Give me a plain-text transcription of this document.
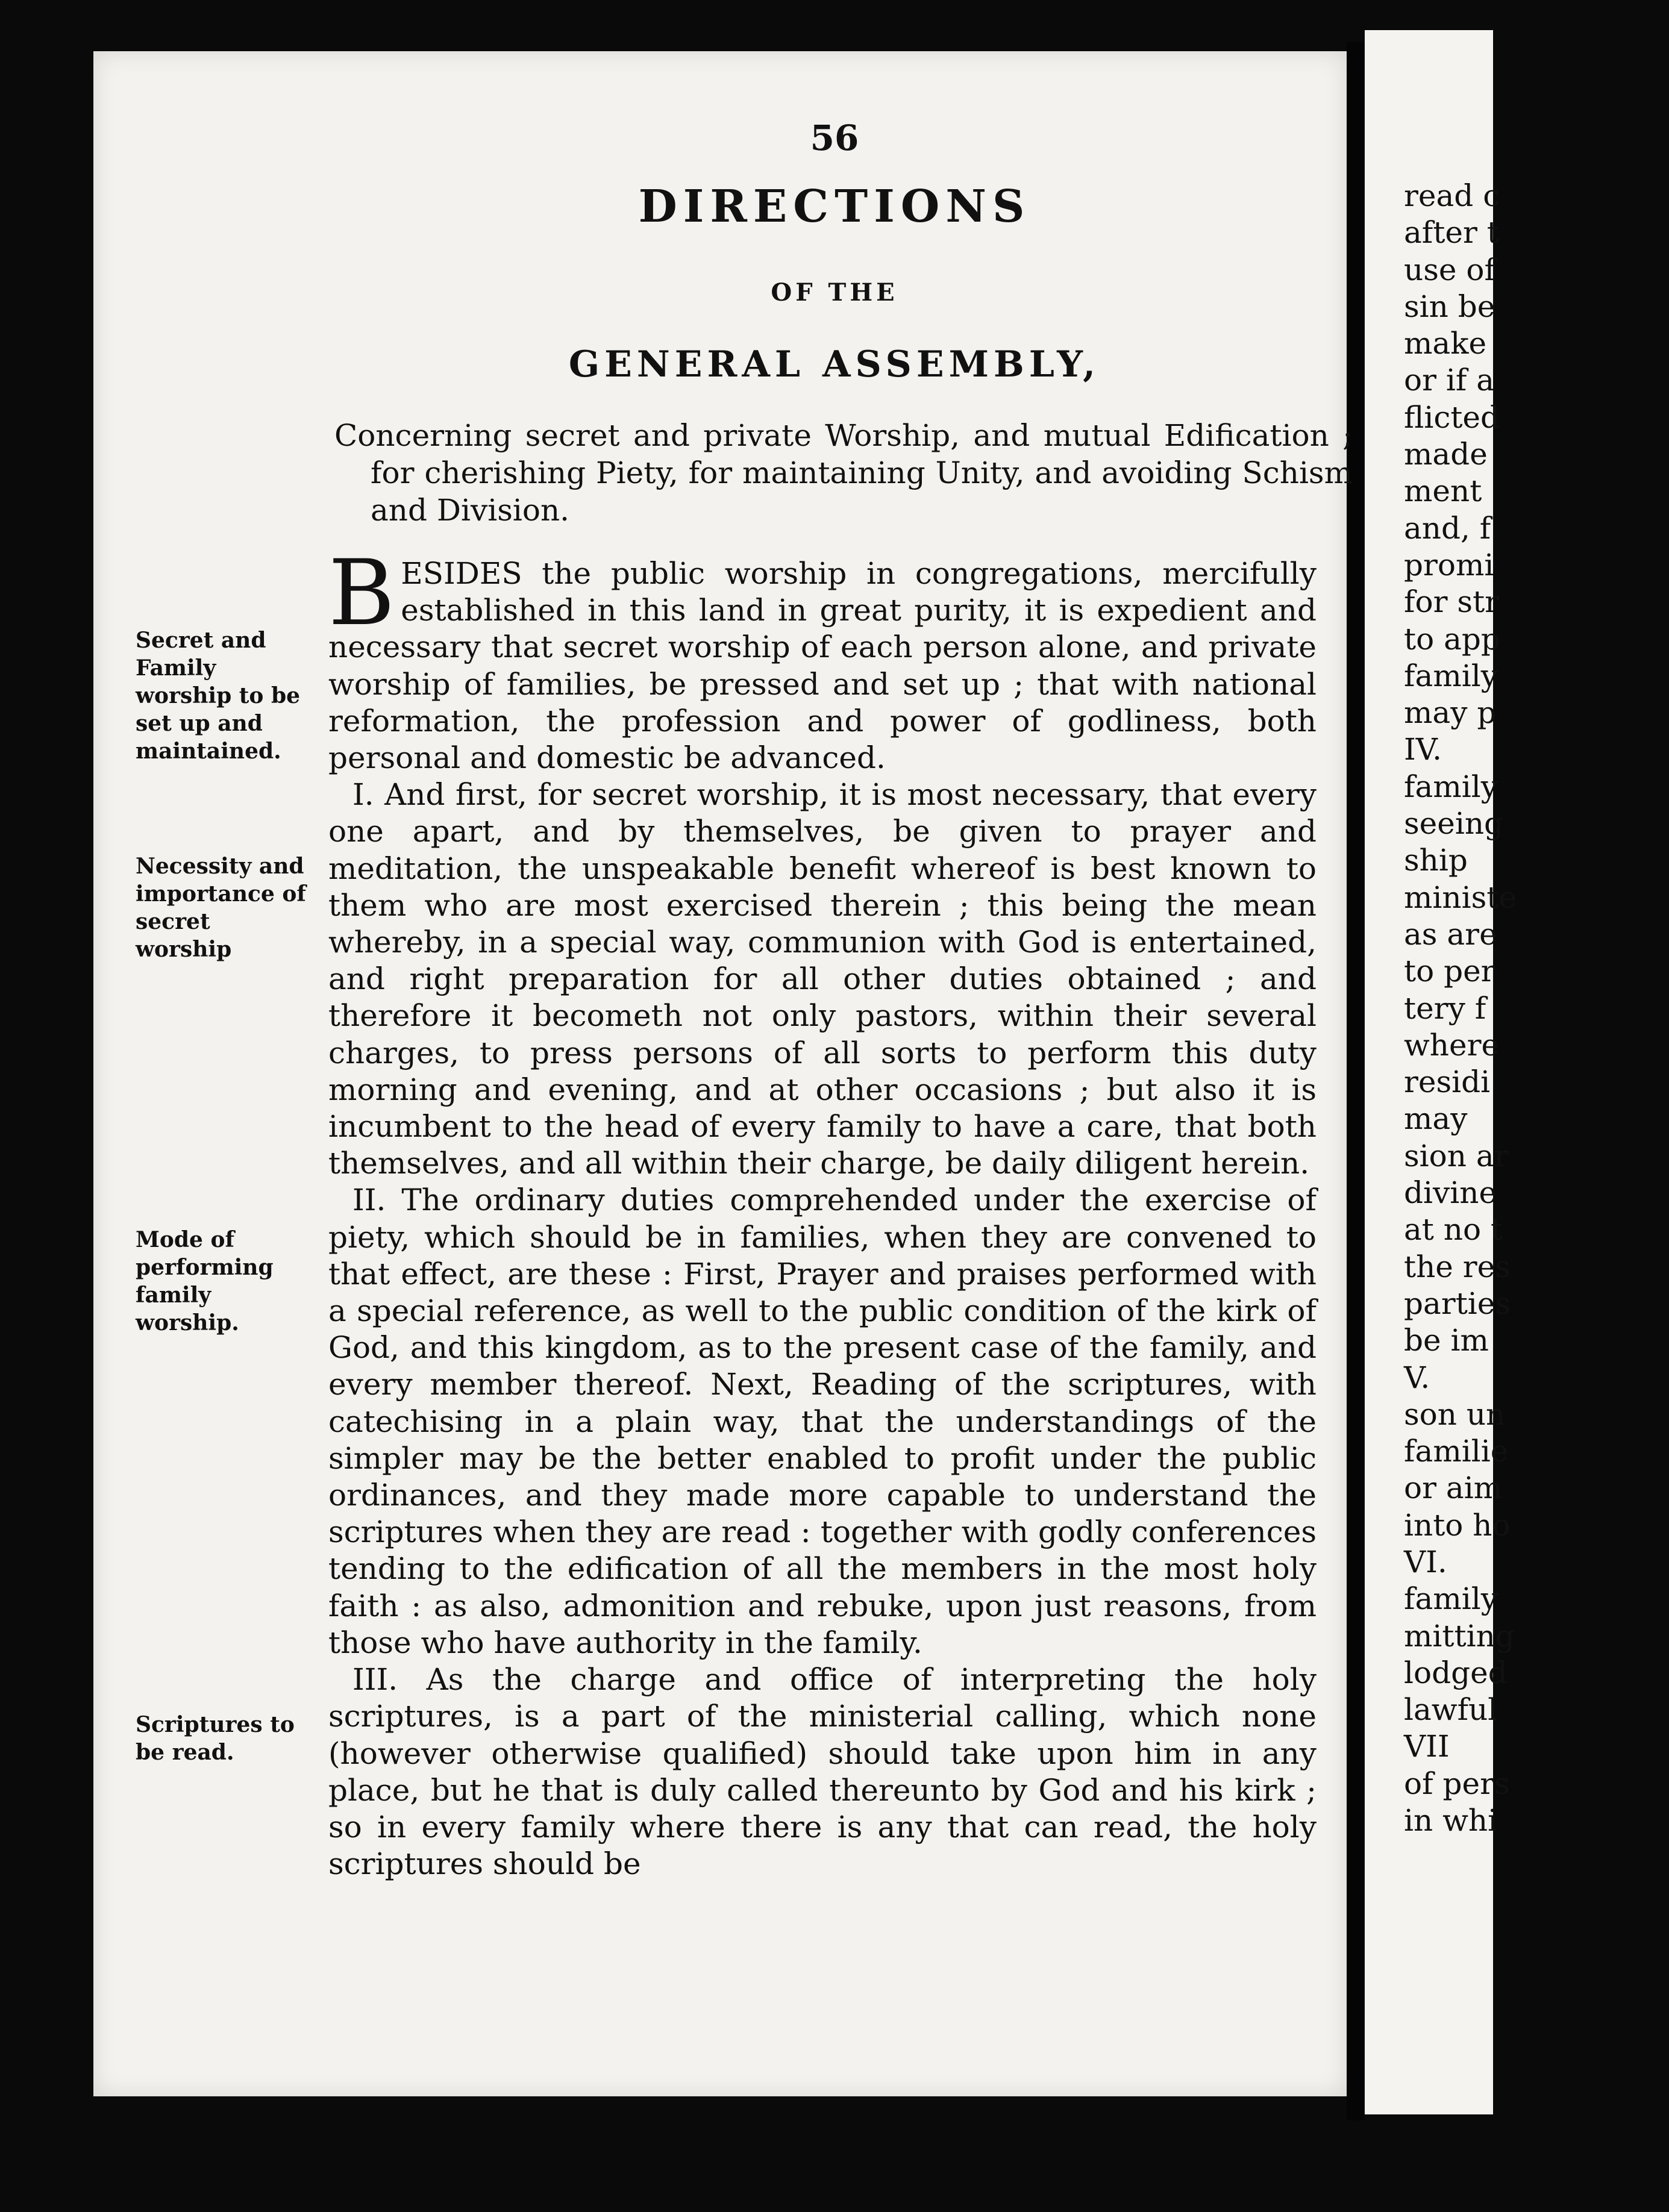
56
DIRECTIONS
OF THE
GENERAL ASSEMBLY,
Concerning secret and private Worship, and mutual Edification ; for cherishing Piety, for maintaining Unity, and avoiding Schism and Division.
Secret and Family worship to be set up and maintained.
Necessity and importance of secret worship
Mode of performing family worship.
Scriptures to be read.

BESIDES the public worship in congregations, mercifully established in this land in great purity, it is expedient and necessary that secret worship of each person alone, and private worship of families, be pressed and set up ; that with national reformation, the profession and power of godliness, both personal and domestic be advanced.

I. And first, for secret worship, it is most necessary, that every one apart, and by themselves, be given to prayer and meditation, the unspeakable benefit whereof is best known to them who are most exercised therein ; this being the mean whereby, in a special way, communion with God is entertained, and right preparation for all other duties obtained ; and therefore it becometh not only pastors, within their several charges, to press persons of all sorts to perform this duty morning and evening, and at other occasions ; but also it is incumbent to the head of every family to have a care, that both themselves, and all within their charge, be daily diligent herein.

II. The ordinary duties comprehended under the exercise of piety, which should be in families, when they are convened to that effect, are these : First, Prayer and praises performed with a special reference, as well to the public condition of the kirk of God, and this kingdom, as to the present case of the family, and every member thereof. Next, Reading of the scriptures, with catechising in a plain way, that the understandings of the simpler may be the better enabled to profit under the public ordinances, and they made more capable to understand the scriptures when they are read : together with godly conferences tending to the edification of all the members in the most holy faith : as also, admonition and rebuke, upon just reasons, from those who have authority in the family.

III. As the charge and office of interpreting the holy scriptures, is a part of the ministerial calling, which none (however otherwise qualified) should take upon him in any place, but he that is duly called thereunto by God and his kirk ; so in every family where there is any that can read, the holy scriptures should be

read c
after t
use of
sin be
make
or if a
flicted
made
ment
and, f
promi
for str
to app
family
may p
IV.
family
seeing
ship
ministe
as are
to per
tery f
where
residi
may
sion ar
divine
at no t
the res
parties
be im
V.
son un
familie
or aim
into ho
VI.
family
mitting
lodged
lawful
VII
of pers
in whi
